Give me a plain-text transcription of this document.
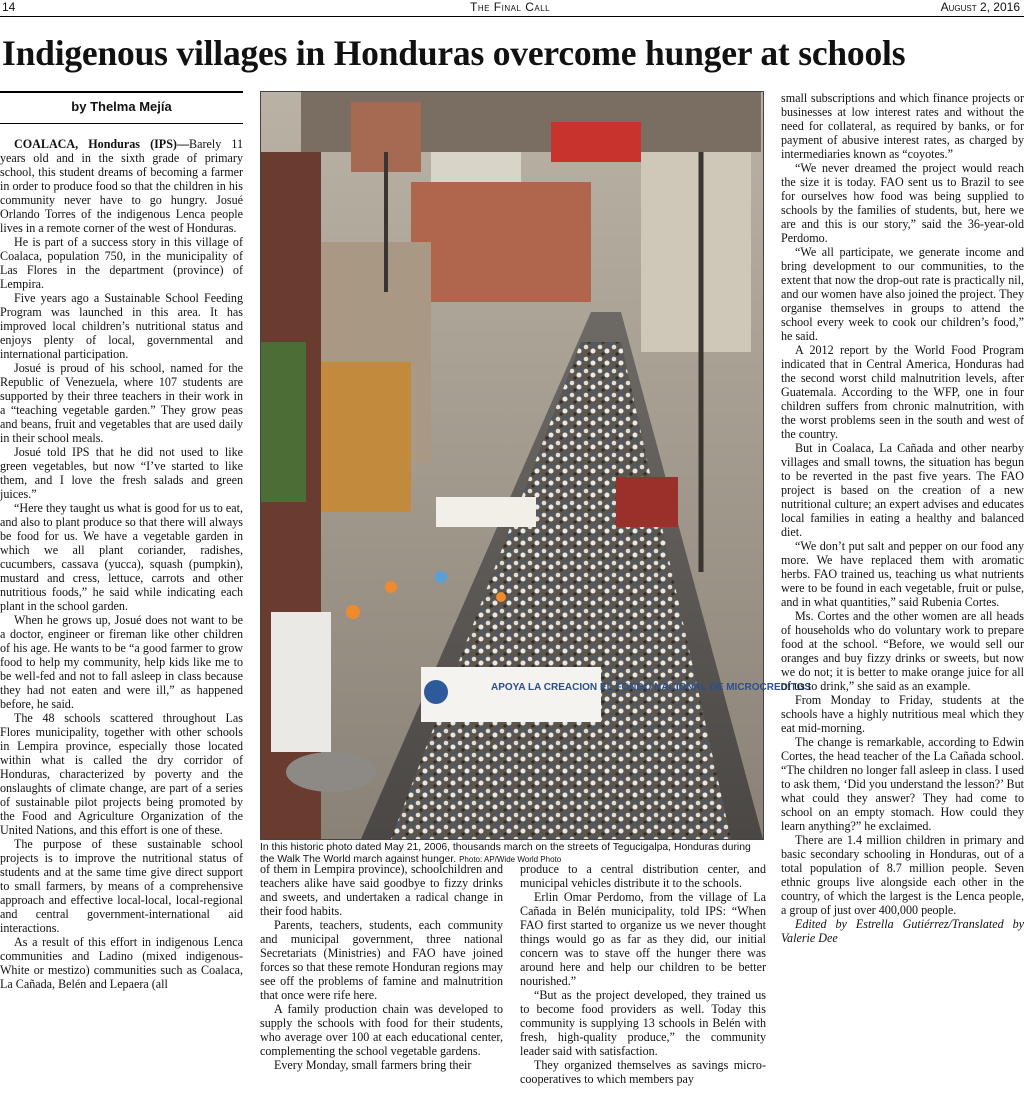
14	The Final Call	August 2, 2016
Indigenous villages in Honduras overcome hunger at schools
by Thelma Mejía

COALACA, Honduras (IPS)—Barely 11 years old and in the sixth grade of primary school, this student dreams of becoming a farmer in order to produce food so that the children in his community never have to go hungry. Josué Orlando Torres of the indigenous Lenca people lives in a remote corner of the west of Honduras.

He is part of a success story in this village of Coalaca, population 750, in the municipality of Las Flores in the department (province) of Lempira.

Five years ago a Sustainable School Feeding Program was launched in this area. It has improved local children’s nutritional status and enjoys plenty of local, governmental and international participation.

Josué is proud of his school, named for the Republic of Venezuela, where 107 students are supported by their three teachers in their work in a “teaching vegetable garden.” They grow peas and beans, fruit and vegetables that are used daily in their school meals.

Josué told IPS that he did not used to like green vegetables, but now “I’ve started to like them, and I love the fresh salads and green juices.”

“Here they taught us what is good for us to eat, and also to plant produce so that there will always be food for us. We have a vegetable garden in which we all plant coriander, radishes, cucumbers, cassava (yucca), squash (pumpkin), mustard and cress, lettuce, carrots and other nutritious foods,” he said while indicating each plant in the school garden.

When he grows up, Josué does not want to be a doctor, engineer or fireman like other children of his age. He wants to be “a good farmer to grow food to help my community, help kids like me to be well-fed and not to fall asleep in class because they had not eaten and were ill,” as happened before, he said.

The 48 schools scattered throughout Las Flores municipality, together with other schools in Lempira province, especially those located within what is called the dry corridor of Honduras, characterized by poverty and the onslaughts of climate change, are part of a series of sustainable pilot projects being promoted by the Food and Agriculture Organization of the United Nations, and this effort is one of these.

The purpose of these sustainable school projects is to improve the nutritional status of students and at the same time give direct support to small farmers, by means of a comprehensive approach and effective local-local, local-regional and central government-international aid interactions.

As a result of this effort in indigenous Lenca communities and Ladino (mixed indigenous-White or mestizo) communities such as Coalaca, La Cañada, Belén and Lepaera (all

APOYA LA CREACION EL FONDO NACIONAL DE MICROCREDITOS
In this historic photo dated May 21, 2006, thousands march on the streets of Tegucigalpa, Honduras during the Walk The World march against hunger. Photo: AP/Wide World Photo

of them in Lempira province), schoolchildren and teachers alike have said goodbye to fizzy drinks and sweets, and undertaken a radical change in their food habits.

Parents, teachers, students, each community and municipal government, three national Secretariats (Ministries) and FAO have joined forces so that these remote Honduran regions may see off the problems of famine and malnutrition that once were rife here.

A family production chain was developed to supply the schools with food for their students, who average over 100 at each educational center, complementing the school vegetable gardens.

Every Monday, small farmers bring their

produce to a central distribution center, and municipal vehicles distribute it to the schools.

Erlin Omar Perdomo, from the village of La Cañada in Belén municipality, told IPS: “When FAO first started to organize us we never thought things would go as far as they did, our initial concern was to stave off the hunger there was around here and help our children to be better nourished.”

“But as the project developed, they trained us to become food providers as well. Today this community is supplying 13 schools in Belén with fresh, high-quality produce,” the community leader said with satisfaction.

They organized themselves as savings micro-cooperatives to which members pay

small subscriptions and which finance projects or businesses at low interest rates and without the need for collateral, as required by banks, or for payment of abusive interest rates, as charged by intermediaries known as “coyotes.”

“We never dreamed the project would reach the size it is today. FAO sent us to Brazil to see for ourselves how food was being supplied to schools by the families of students, but, here we are and this is our story,” said the 36-year-old Perdomo.

“We all participate, we generate income and bring development to our communities, to the extent that now the drop-out rate is practically nil, and our women have also joined the project. They organise themselves in groups to attend the school every week to cook our children’s food,” he said.

A 2012 report by the World Food Program indicated that in Central America, Honduras had the second worst child malnutrition levels, after Guatemala. According to the WFP, one in four children suffers from chronic malnutrition, with the worst problems seen in the south and west of the country.

But in Coalaca, La Cañada and other nearby villages and small towns, the situation has begun to be reverted in the past five years. The FAO project is based on the creation of a new nutritional culture; an expert advises and educates local families in eating a healthy and balanced diet.

“We don’t put salt and pepper on our food any more. We have replaced them with aromatic herbs. FAO trained us, teaching us what nutrients were to be found in each vegetable, fruit or pulse, and in what quantities,” said Rubenia Cortes.

Ms. Cortes and the other women are all heads of households who do voluntary work to prepare food at the school. “Before, we would sell our oranges and buy fizzy drinks or sweets, but now we do not; it is better to make orange juice for all of us to drink,” she said as an example.

From Monday to Friday, students at the schools have a highly nutritious meal which they eat mid-morning.

The change is remarkable, according to Edwin Cortes, the head teacher of the La Cañada school. “The children no longer fall asleep in class. I used to ask them, ‘Did you understand the lesson?’ But what could they answer? They had come to school on an empty stomach. How could they learn anything?” he exclaimed.

There are 1.4 million children in primary and basic secondary schooling in Honduras, out of a total population of 8.7 million people. Seven ethnic groups live alongside each other in the country, of which the largest is the Lenca people, a group of just over 400,000 people.

Edited by Estrella Gutiérrez/Translated by Valerie Dee
